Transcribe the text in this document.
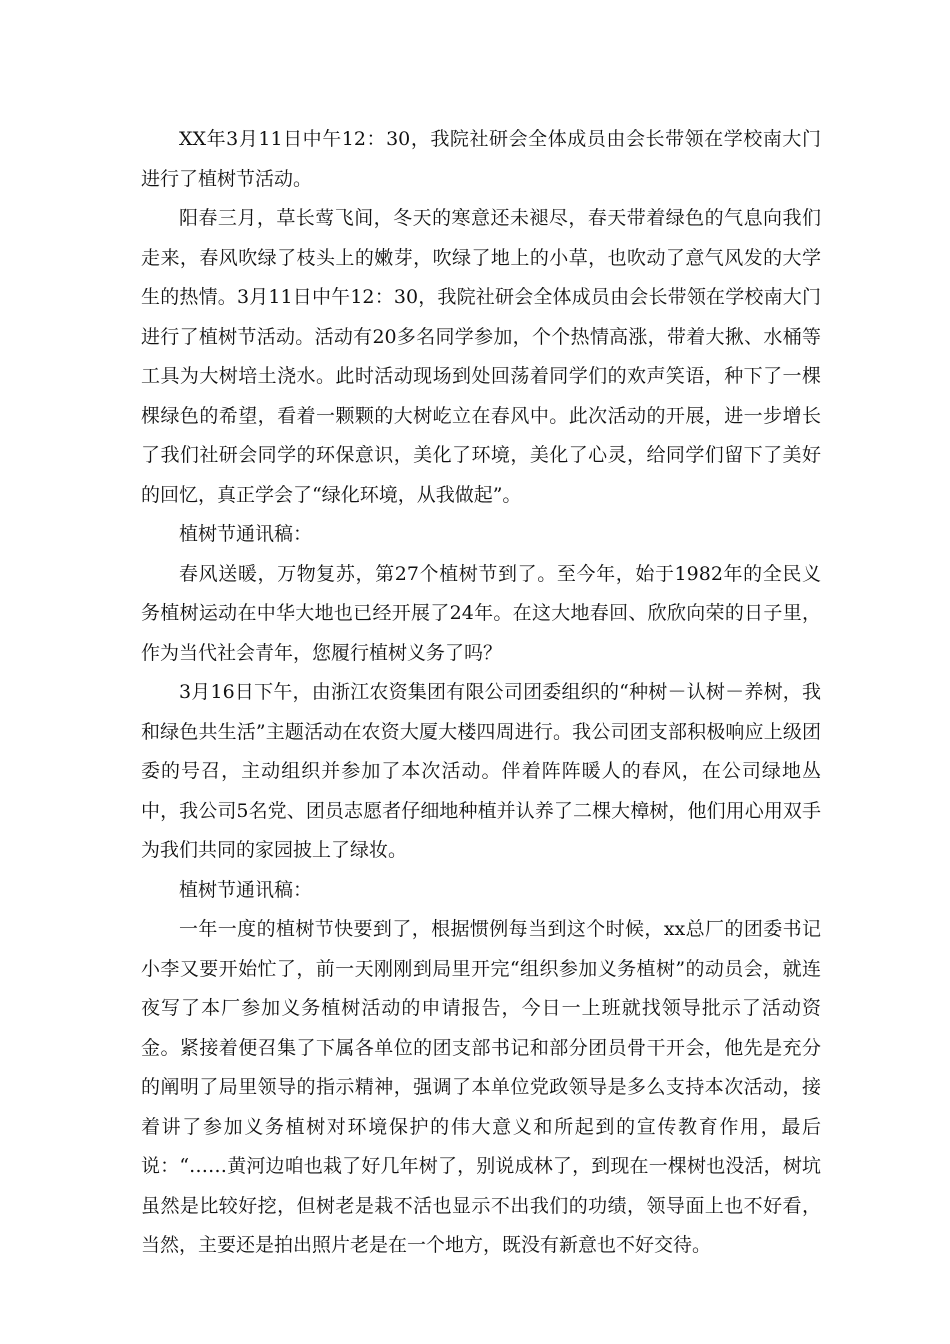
XX年3月11日中午12：30，我院社研会全体成员由会长带领在学校南大门进行了植树节活动。

阳春三月，草长莺飞间，冬天的寒意还未褪尽，春天带着绿色的气息向我们走来，春风吹绿了枝头上的嫩芽，吹绿了地上的小草，也吹动了意气风发的大学生的热情。3月11日中午12：30，我院社研会全体成员由会长带领在学校南大门进行了植树节活动。活动有20多名同学参加，个个热情高涨，带着大揪、水桶等工具为大树培土浇水。此时活动现场到处回荡着同学们的欢声笑语，种下了一棵棵绿色的希望，看着一颗颗的大树屹立在春风中。此次活动的开展，进一步增长了我们社研会同学的环保意识，美化了环境，美化了心灵，给同学们留下了美好的回忆，真正学会了“绿化环境，从我做起”。

植树节通讯稿：

春风送暖，万物复苏，第27个植树节到了。至今年，始于1982年的全民义务植树运动在中华大地也已经开展了24年。在这大地春回、欣欣向荣的日子里，作为当代社会青年，您履行植树义务了吗？

3月16日下午，由浙江农资集团有限公司团委组织的“种树－认树－养树，我和绿色共生活”主题活动在农资大厦大楼四周进行。我公司团支部积极响应上级团委的号召，主动组织并参加了本次活动。伴着阵阵暖人的春风，在公司绿地丛中，我公司5名党、团员志愿者仔细地种植并认养了二棵大樟树，他们用心用双手为我们共同的家园披上了绿妆。

植树节通讯稿：

一年一度的植树节快要到了，根据惯例每当到这个时候，xx总厂的团委书记小李又要开始忙了，前一天刚刚到局里开完“组织参加义务植树”的动员会，就连夜写了本厂参加义务植树活动的申请报告，今日一上班就找领导批示了活动资金。紧接着便召集了下属各单位的团支部书记和部分团员骨干开会，他先是充分的阐明了局里领导的指示精神，强调了本单位党政领导是多么支持本次活动，接着讲了参加义务植树对环境保护的伟大意义和所起到的宣传教育作用，最后说：“……黄河边咱也栽了好几年树了，别说成林了，到现在一棵树也没活，树坑虽然是比较好挖，但树老是栽不活也显示不出我们的功绩，领导面上也不好看，当然，主要还是拍出照片老是在一个地方，既没有新意也不好交待。
